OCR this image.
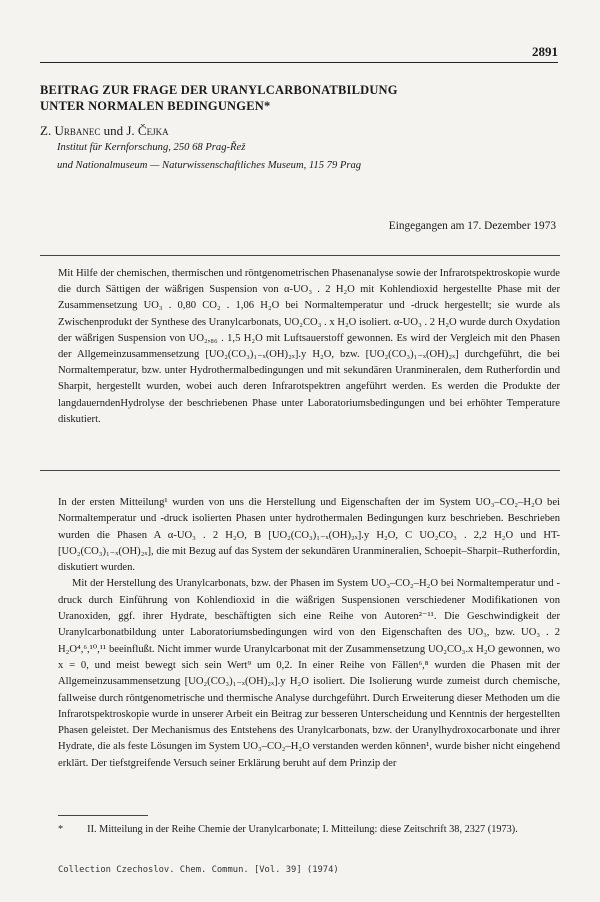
2891
BEITRAG ZUR FRAGE DER URANYLCARBONATBILDUNG
UNTER NORMALEN BEDINGUNGEN*
Z. Urbanec und J. Čejka
Institut für Kernforschung, 250 68 Prag-Řež
und Nationalmuseum — Naturwissenschaftliches Museum, 115 79 Prag
Eingegangen am 17. Dezember 1973
Mit Hilfe der chemischen, thermischen und röntgenometrischen Phasenanalyse sowie der Infrarotspektroskopie wurde die durch Sättigen der wäßrigen Suspension von α-UO₃ . 2 H₂O mit Kohlendioxid hergestellte Phase mit der Zusammensetzung UO₃ . 0,80 CO₂ . 1,06 H₂O bei Normaltemperatur und -druck hergestellt; sie wurde als Zwischenprodukt der Synthese des Uranylcarbonats, UO₂CO₃ . x H₂O isoliert. α-UO₃ . 2 H₂O wurde durch Oxydation der wäßrigen Suspension von UO₂,₈₆ . 1,5 H₂O mit Luftsauerstoff gewonnen. Es wird der Vergleich mit den Phasen der Allgemeinzusammensetzung [UO₂(CO₃)₁₋ₓ(OH)₂ₓ].y H₂O, bzw. [UO₂(CO₃)₁₋ₓ(OH)₂ₓ] durchgeführt, die bei Normaltemperatur, bzw. unter Hydrothermalbedingungen und mit sekundären Uranmineralen, dem Rutherfordin und Sharpit, hergestellt wurden, wobei auch deren Infrarotspektren angeführt werden. Es werden die Produkte der langdauerndenHydrolyse der beschriebenen Phase unter Laboratoriumsbedingungen und bei erhöhter Temperature diskutiert.

In der ersten Mitteilung¹ wurden von uns die Herstellung und Eigenschaften der im System UO₃–CO₂–H₂O bei Normaltemperatur und -druck isolierten Phasen unter hydrothermalen Bedingungen kurz beschrieben. Beschrieben wurden die Phasen A α-UO₃ . 2 H₂O, B [UO₂(CO₃)₁₋ₓ(OH)₂ₓ].y H₂O, C UO₂CO₃ . 2,2 H₂O und HT-[UO₂(CO₃)₁₋ₓ(OH)₂ₓ], die mit Bezug auf das System der sekundären Uranmineralien, Schoepit–Sharpit–Rutherfordin, diskutiert wurden.

Mit der Herstellung des Uranylcarbonats, bzw. der Phasen im System UO₃–CO₂–H₂O bei Normaltemperatur und -druck durch Einführung von Kohlendioxid in die wäßrigen Suspensionen verschiedener Modifikationen von Uranoxiden, ggf. ihrer Hydrate, beschäftigten sich eine Reihe von Autoren²⁻¹¹. Die Geschwindigkeit der Uranylcarbonatbildung unter Laboratoriumsbedingungen wird von den Eigenschaften des UO₃, bzw. UO₃ . 2 H₂O⁴,⁶,¹⁰,¹¹ beeinflußt. Nicht immer wurde Uranylcarbonat mit der Zusammensetzung UO₂CO₃.x H₂O gewonnen, wo x = 0, und meist bewegt sich sein Wert⁹ um 0,2. In einer Reihe von Fällen⁶,⁸ wurden die Phasen mit der Allgemeinzusammensetzung [UO₂(CO₃)₁₋ₓ(OH)₂ₓ].y H₂O isoliert. Die Isolierung wurde zumeist durch chemische, fallweise durch röntgenometrische und thermische Analyse durchgeführt. Durch Erweiterung dieser Methoden um die Infrarotspektroskopie wurde in unserer Arbeit ein Beitrag zur besseren Unterscheidung und Kenntnis der hergestellten Phasen geleistet. Der Mechanismus des Entstehens des Uranylcarbonats, bzw. der Uranylhydroxocarbonate und ihrer Hydrate, die als feste Lösungen im System UO₃–CO₂–H₂O verstanden werden können¹, wurde bisher nicht eingehend erklärt. Der tiefstgreifende Versuch seiner Erklärung beruht auf dem Prinzip der

* II. Mitteilung in der Reihe Chemie der Uranylcarbonate; I. Mitteilung: diese Zeitschrift 38, 2327 (1973).
Collection Czechoslov. Chem. Commun. [Vol. 39] (1974)
